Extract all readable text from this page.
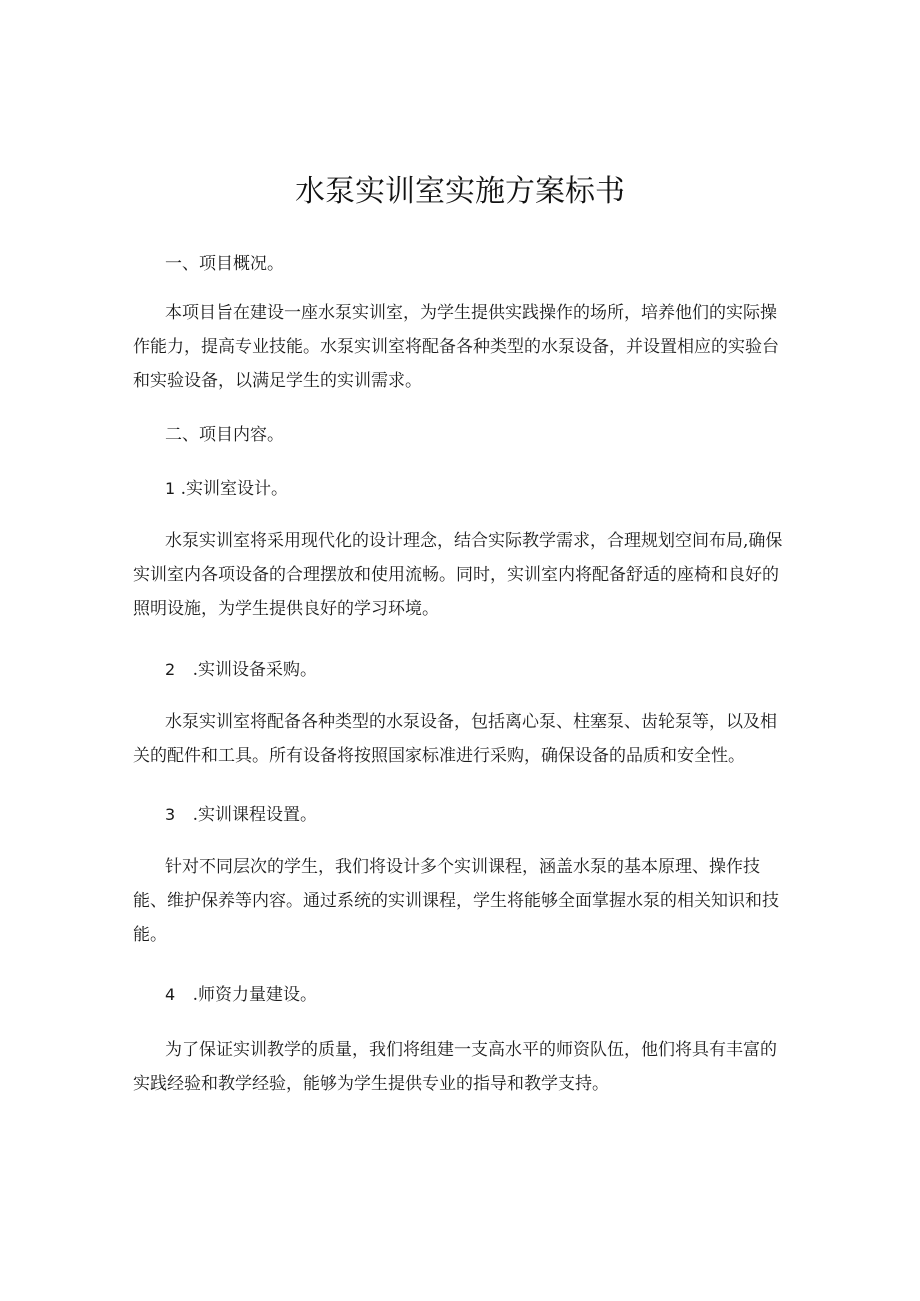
水泵实训室实施方案标书

一、项目概况。

本项目旨在建设一座水泵实训室，为学生提供实践操作的场所，培养他们的实际操作能力，提高专业技能。水泵实训室将配备各种类型的水泵设备，并设置相应的实验台和实验设备，以满足学生的实训需求。

二、项目内容。

1 .实训室设计。

水泵实训室将采用现代化的设计理念，结合实际教学需求，合理规划空间布局,确保实训室内各项设备的合理摆放和使用流畅。同时，实训室内将配备舒适的座椅和良好的照明设施，为学生提供良好的学习环境。

2 .实训设备采购。

水泵实训室将配备各种类型的水泵设备，包括离心泵、柱塞泵、齿轮泵等，以及相关的配件和工具。所有设备将按照国家标准进行采购，确保设备的品质和安全性。

3 .实训课程设置。

针对不同层次的学生，我们将设计多个实训课程，涵盖水泵的基本原理、操作技能、维护保养等内容。通过系统的实训课程，学生将能够全面掌握水泵的相关知识和技能。

4 .师资力量建设。

为了保证实训教学的质量，我们将组建一支高水平的师资队伍，他们将具有丰富的实践经验和教学经验，能够为学生提供专业的指导和教学支持。
